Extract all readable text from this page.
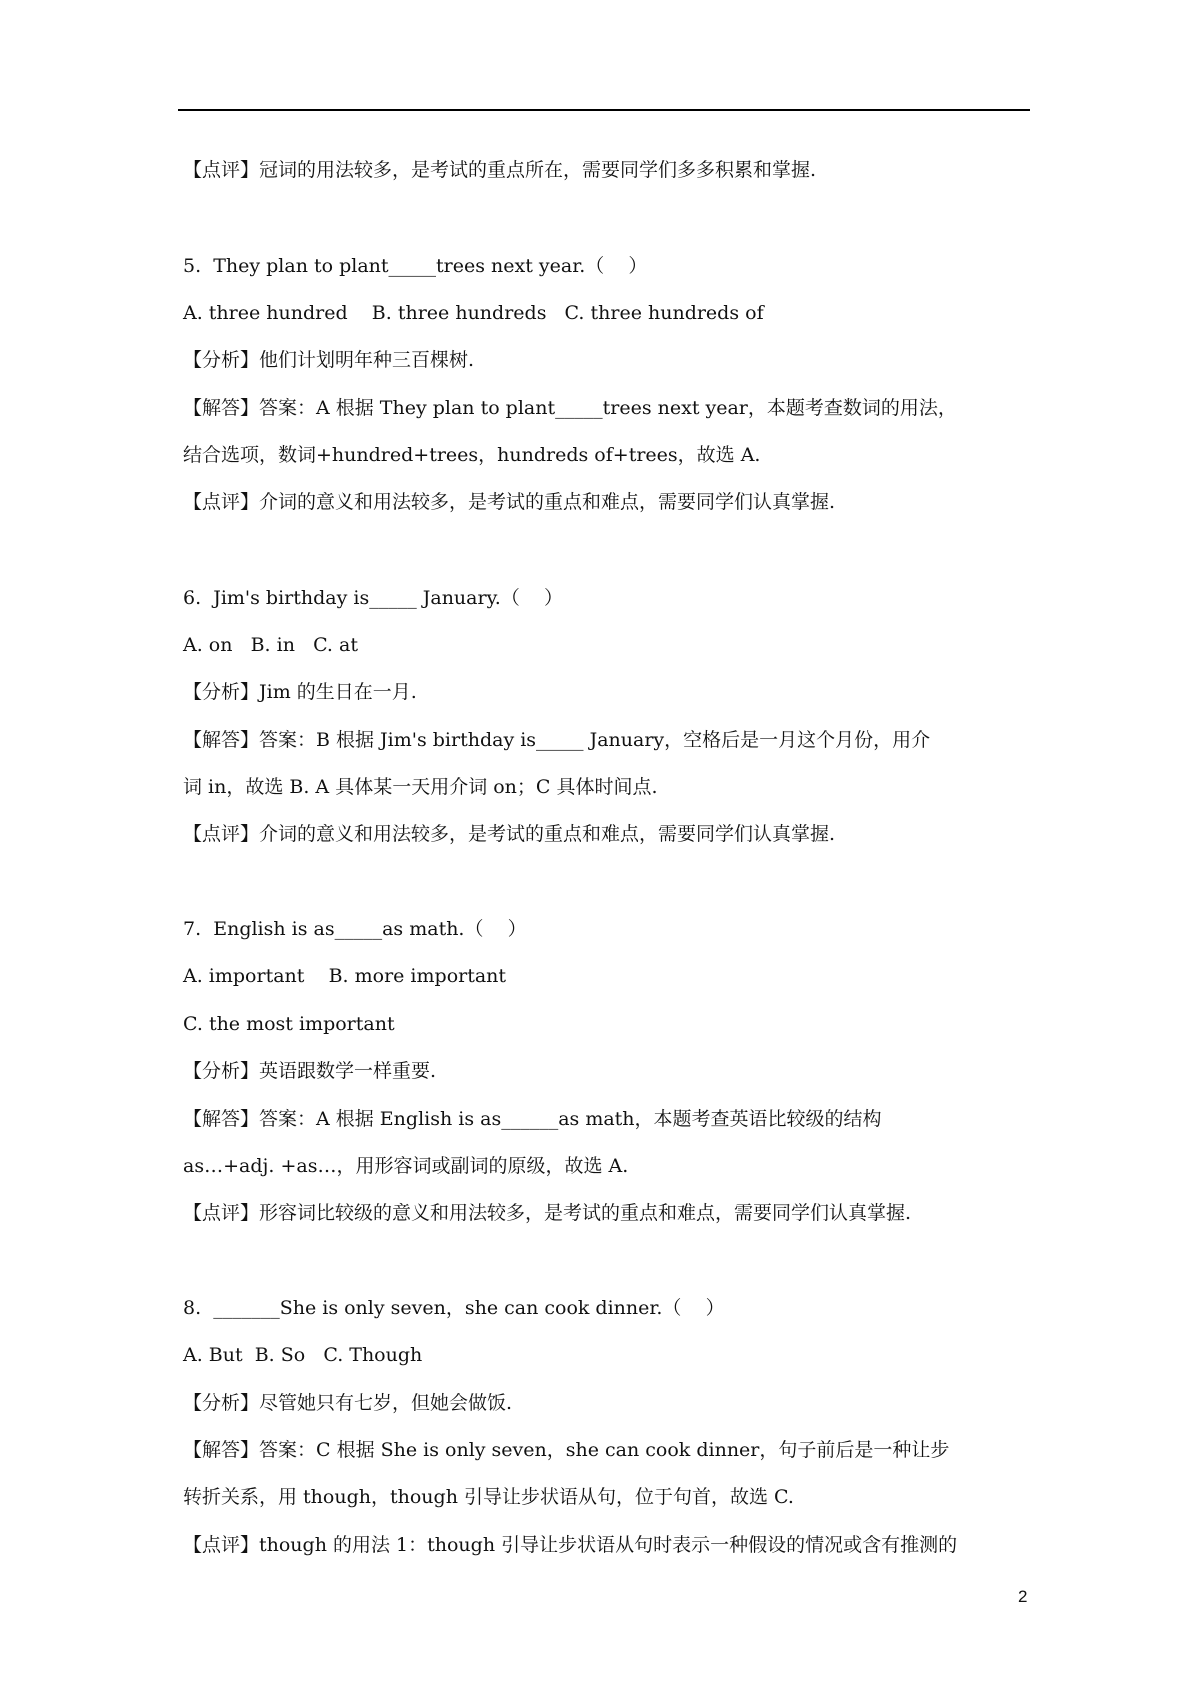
【点评】冠词的用法较多，是考试的重点所在，需要同学们多多积累和掌握.
5.  They plan to plant_____trees next year.（    ）
A. three hundred    B. three hundreds   C. three hundreds of
【分析】他们计划明年种三百棵树.
【解答】答案：A 根据 They plan to plant_____trees next year，本题考查数词的用法，
结合选项，数词+hundred+trees，hundreds of+trees，故选 A.
【点评】介词的意义和用法较多，是考试的重点和难点，需要同学们认真掌握.
6.  Jim's birthday is_____ January.（    ）
A. on   B. in   C. at
【分析】Jim 的生日在一月.
【解答】答案：B 根据 Jim's birthday is_____ January，空格后是一月这个月份，用介
词 in，故选 B. A 具体某一天用介词 on；C 具体时间点.
【点评】介词的意义和用法较多，是考试的重点和难点，需要同学们认真掌握.
7.  English is as_____as math.（    ）
A. important    B. more important
C. the most important
【分析】英语跟数学一样重要.
【解答】答案：A 根据 English is as______as math，本题考查英语比较级的结构
as…+adj. +as…，用形容词或副词的原级，故选 A.
【点评】形容词比较级的意义和用法较多，是考试的重点和难点，需要同学们认真掌握.
8.  _______She is only seven，she can cook dinner.（    ）
A. But  B. So   C. Though
【分析】尽管她只有七岁，但她会做饭.
【解答】答案：C 根据 She is only seven，she can cook dinner，句子前后是一种让步
转折关系，用 though，though 引导让步状语从句，位于句首，故选 C.
【点评】though 的用法 1：though 引导让步状语从句时表示一种假设的情况或含有推测的
2
